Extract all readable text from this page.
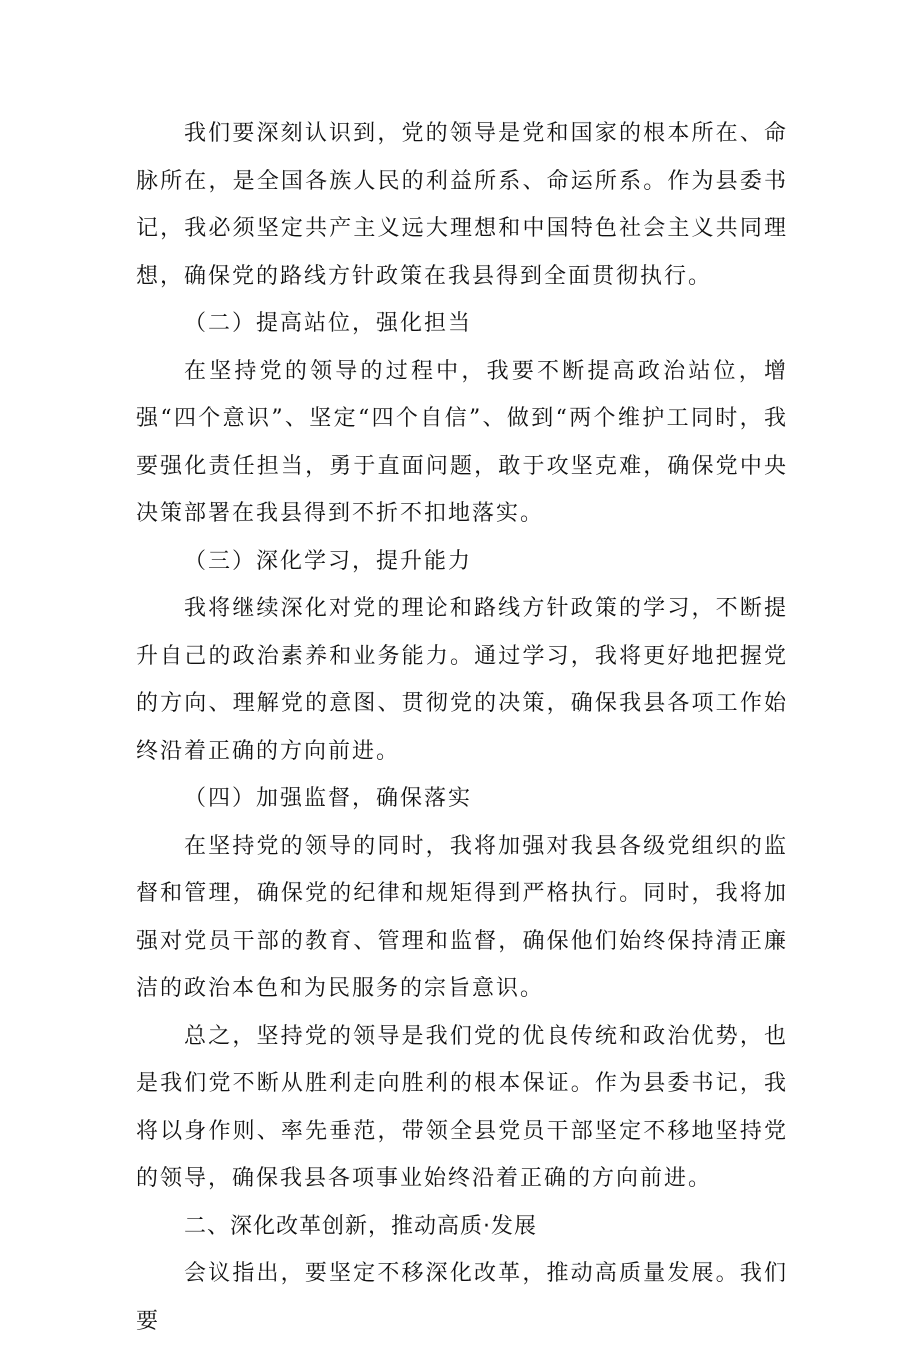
我们要深刻认识到，党的领导是党和国家的根本所在、命脉所在，是全国各族人民的利益所系、命运所系。作为县委书记，我必须坚定共产主义远大理想和中国特色社会主义共同理想，确保党的路线方针政策在我县得到全面贯彻执行。

（二）提高站位，强化担当

在坚持党的领导的过程中，我要不断提高政治站位，增强“四个意识”、坚定“四个自信”、做到“两个维护工同时，我要强化责任担当，勇于直面问题，敢于攻坚克难，确保党中央决策部署在我县得到不折不扣地落实。

（三）深化学习，提升能力

我将继续深化对党的理论和路线方针政策的学习，不断提升自己的政治素养和业务能力。通过学习，我将更好地把握党的方向、理解党的意图、贯彻党的决策，确保我县各项工作始终沿着正确的方向前进。

（四）加强监督，确保落实

在坚持党的领导的同时，我将加强对我县各级党组织的监督和管理，确保党的纪律和规矩得到严格执行。同时，我将加强对党员干部的教育、管理和监督，确保他们始终保持清正廉洁的政治本色和为民服务的宗旨意识。

总之，坚持党的领导是我们党的优良传统和政治优势，也是我们党不断从胜利走向胜利的根本保证。作为县委书记，我将以身作则、率先垂范，带领全县党员干部坚定不移地坚持党的领导，确保我县各项事业始终沿着正确的方向前进。

二、深化改革创新，推动高质·发展

会议指出，要坚定不移深化改革，推动高质量发展。我们要
